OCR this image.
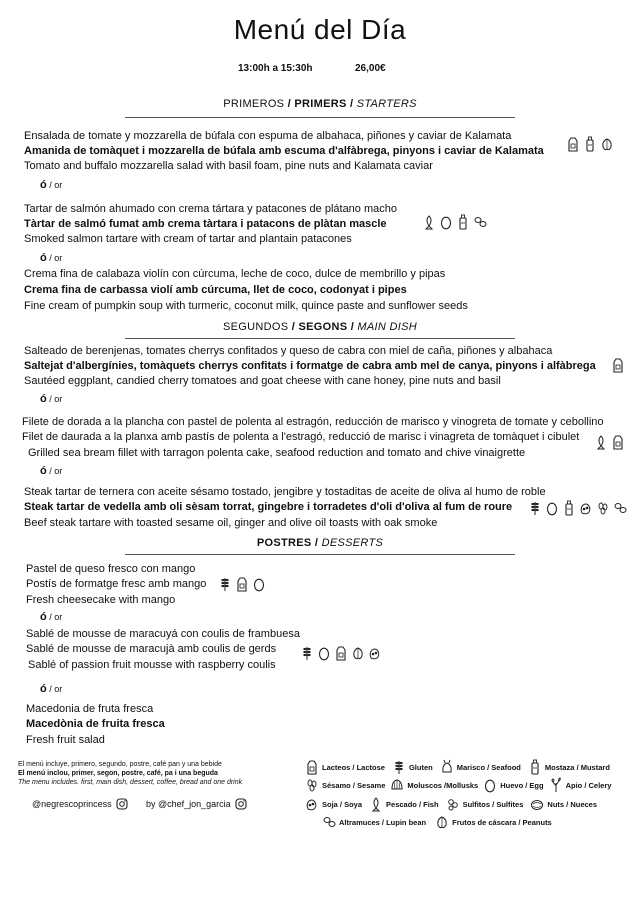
Menú del Día
13:00h a 15:30h	26,00€
PRIMEROS / PRIMERS / STARTERS
Ensalada de tomate y mozzarella de búfala con espuma de albahaca, piñones y caviar de Kalamata
Amanida de tomàquet i mozzarella de búfala amb escuma d'alfàbrega, pinyons i caviar de Kalamata
Tomato and buffalo mozzarella salad with basil foam, pine nuts and Kalamata caviar
ó / or
Tartar de salmón ahumado con crema tártara y patacones de plátano macho
Tàrtar de salmó fumat amb crema tàrtara i patacons de plàtan mascle
Smoked salmon tartare with cream of tartar and plantain patacones
ó / or
Crema fina de calabaza violín con cúrcuma, leche de coco, dulce de membrillo y pipas
Crema fina de carbassa violí amb cúrcuma, llet de coco, codonyat i pipes
Fine cream of pumpkin soup with turmeric, coconut milk, quince paste and sunflower seeds
SEGUNDOS / SEGONS / MAIN DISH
Salteado de berenjenas, tomates cherrys confitados y queso de cabra con miel de caña, piñones y albahaca
Saltejat d'albergínies, tomàquets cherrys confitats i formatge de cabra amb mel de canya, pinyons i alfàbrega
Sautéed eggplant, candied cherry tomatoes and goat cheese with cane honey, pine nuts and basil
ó / or
Filete de dorada a la plancha con pastel de polenta al estragón, reducción de marisco y vinogreta de tomate y cebollino
Filet de daurada a la planxa amb pastís de polenta a l'estragó, reducció de marisc i vinagreta de tomàquet i cibulet
Grilled sea bream fillet with tarragon polenta cake, seafood reduction and tomato and chive vinaigrette
ó / or
Steak tartar de ternera con aceite sésamo tostado, jengibre y tostaditas de aceite de oliva al humo de roble
Steak tartar de vedella amb oli sèsam torrat, gingebre i torradetes d'oli d'oliva al fum de roure
Beef steak tartare with toasted sesame oil, ginger and olive oil toasts with oak smoke
POSTRES / DESSERTS
Pastel de queso fresco con mango
Postís de formatge fresc amb mango
Fresh cheesecake with mango
ó / or
Sablé de mousse de maracuyá con coulis de frambuesa
Sablé de mousse de maracujà amb coulis de gerds
Sablé of passion fruit mousse with raspberry coulis
ó / or
Macedonia de fruta fresca
Macedònia de fruita fresca
Fresh fruit salad
El menú incluye, primero, segundo, postre, café pan y una bebide
El menú inclou, primer, segon, postre, café, pa i una beguda
The menu includes. first, main dish, dessert, coffee, bread and one drink
@negrescoprincess	by @chef_jon_garcia
Lacteos / Lactose	Gluten	Marisco / Seafood	Mostaza / Mustard
Sésamo / Sesame	Moluscos /Mollusks	Huevo / Egg	Apio / Celery
Soja / Soya	Pescado / Fish	Sulfitos / Sulfites	Nuts / Nueces
Altramuces / Lupin bean	Frutos de cáscara / Peanuts
